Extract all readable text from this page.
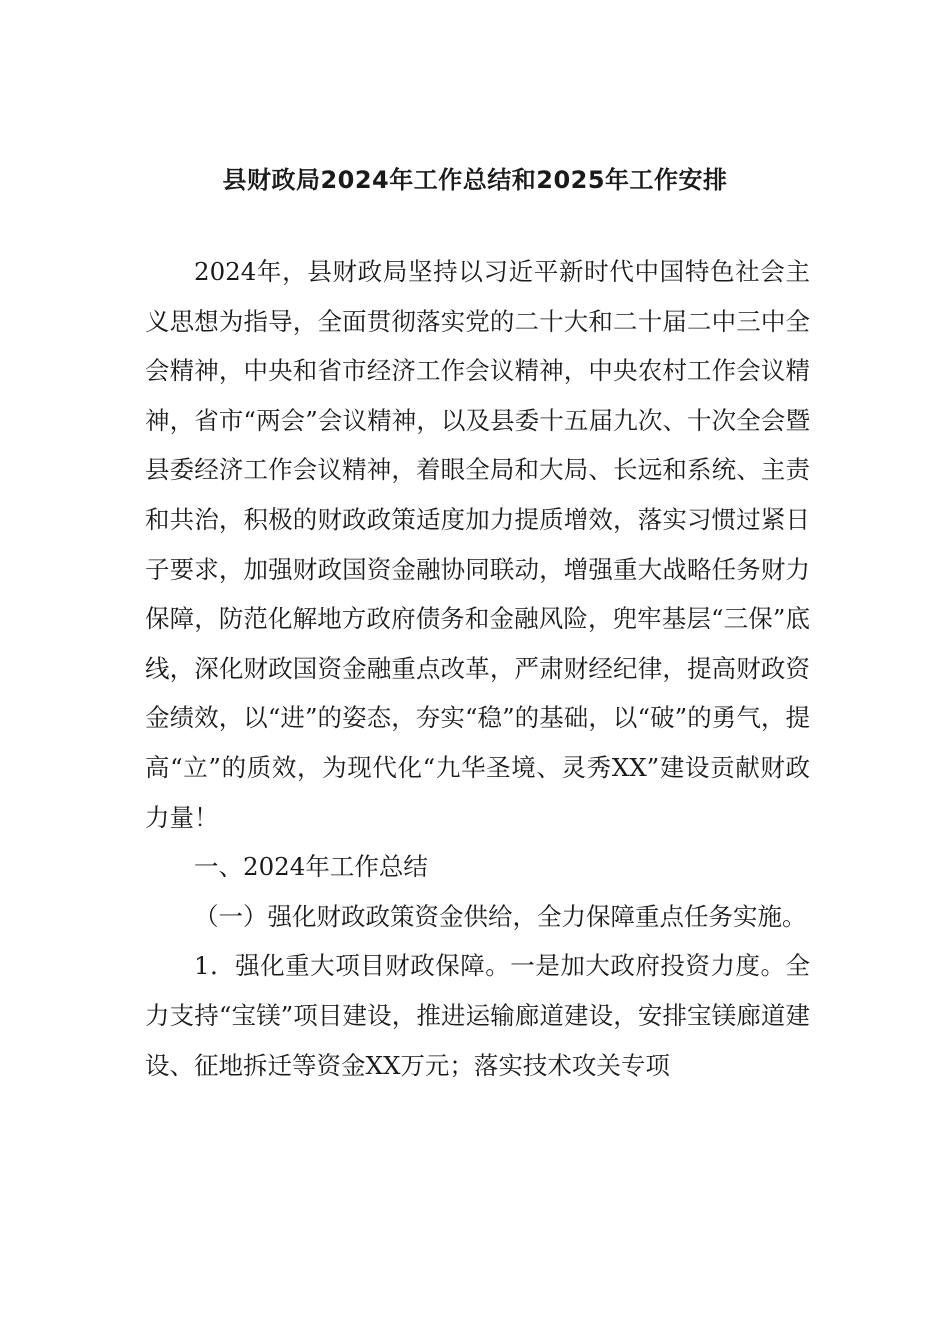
县财政局2024年工作总结和2025年工作安排

2024年，县财政局坚持以习近平新时代中国特色社会主义思想为指导，全面贯彻落实党的二十大和二十届二中三中全会精神，中央和省市经济工作会议精神，中央农村工作会议精神，省市“两会”会议精神，以及县委十五届九次、十次全会暨县委经济工作会议精神，着眼全局和大局、长远和系统、主责和共治，积极的财政政策适度加力提质增效，落实习惯过紧日子要求，加强财政国资金融协同联动，增强重大战略任务财力保障，防范化解地方政府债务和金融风险，兜牢基层“三保”底线，深化财政国资金融重点改革，严肃财经纪律，提高财政资金绩效，以“进”的姿态，夯实“稳”的基础，以“破”的勇气，提高“立”的质效，为现代化“九华圣境、灵秀XX”建设贡献财政力量！

一、2024年工作总结

（一）强化财政政策资金供给，全力保障重点任务实施。

1．强化重大项目财政保障。一是加大政府投资力度。全力支持“宝镁”项目建设，推进运输廊道建设，安排宝镁廊道建设、征地拆迁等资金XX万元；落实技术攻关专项
